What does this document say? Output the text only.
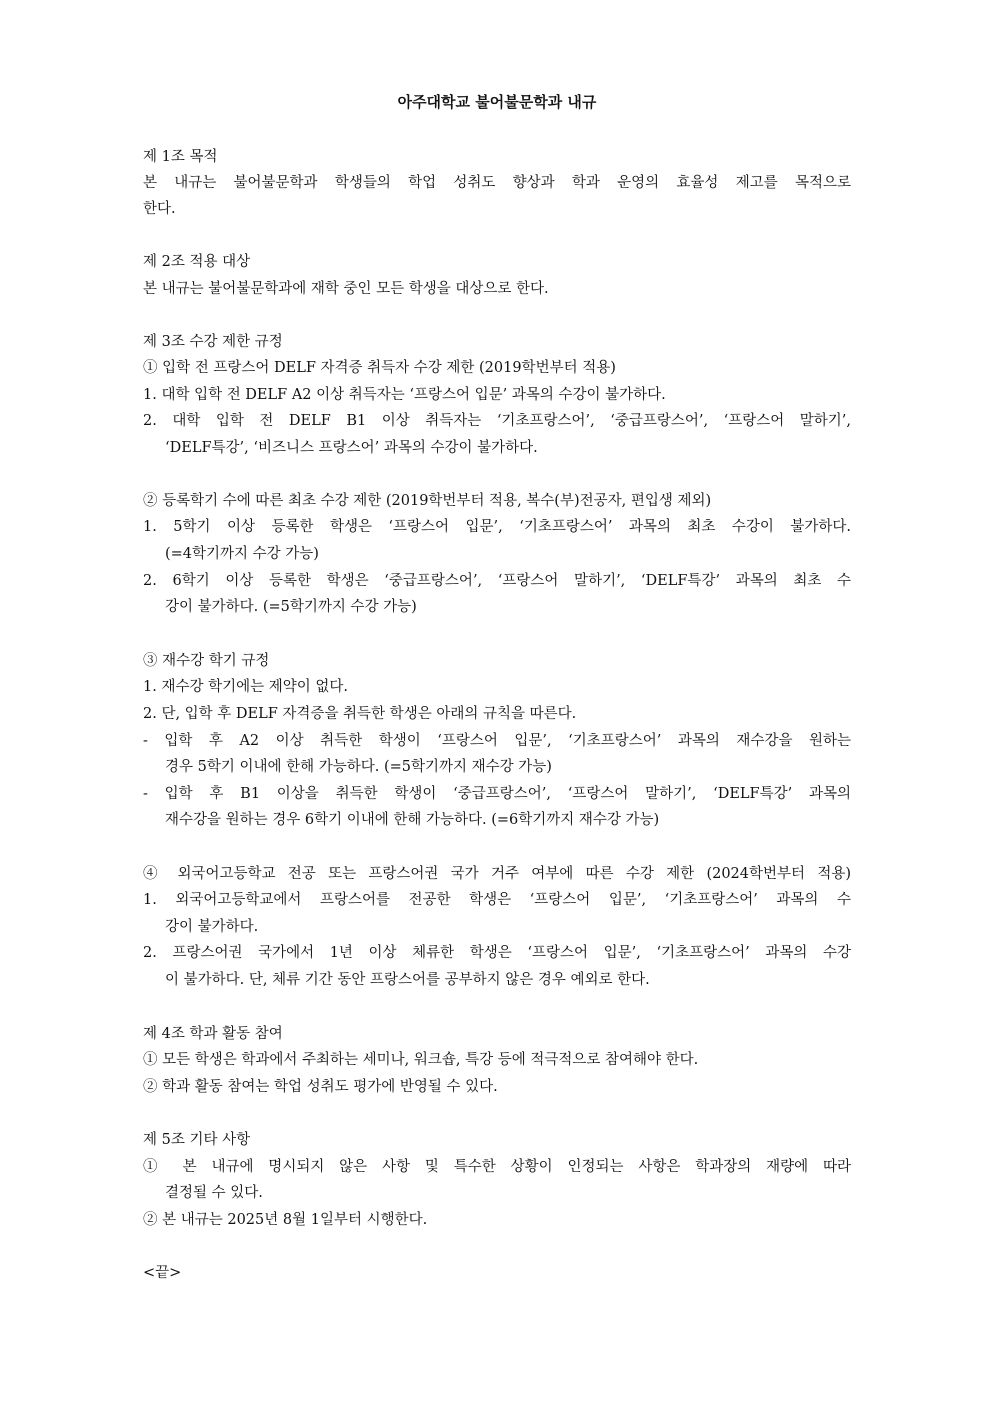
아주대학교 불어불문학과 내규
제 1조 목적
본 내규는 불어불문학과 학생들의 학업 성취도 향상과 학과 운영의 효율성 제고를 목적으로
한다.
제 2조 적용 대상
본 내규는 불어불문학과에 재학 중인 모든 학생을 대상으로 한다.
제 3조 수강 제한 규정
① 입학 전 프랑스어 DELF 자격증 취득자 수강 제한 (2019학번부터 적용)
1. 대학 입학 전 DELF A2 이상 취득자는 ‘프랑스어 입문’ 과목의 수강이 불가하다.
2. 대학 입학 전 DELF B1 이상 취득자는 ‘기초프랑스어’, ‘중급프랑스어’, ‘프랑스어 말하기’,
‘DELF특강’, ‘비즈니스 프랑스어’ 과목의 수강이 불가하다.
② 등록학기 수에 따른 최초 수강 제한 (2019학번부터 적용, 복수(부)전공자, 편입생 제외)
1. 5학기 이상 등록한 학생은 ‘프랑스어 입문’, ‘기초프랑스어’ 과목의 최초 수강이 불가하다.
(=4학기까지 수강 가능)
2. 6학기 이상 등록한 학생은 ‘중급프랑스어’, ‘프랑스어 말하기’, ‘DELF특강’ 과목의 최초 수
강이 불가하다. (=5학기까지 수강 가능)
③ 재수강 학기 규정
1. 재수강 학기에는 제약이 없다.
2. 단, 입학 후 DELF 자격증을 취득한 학생은 아래의 규칙을 따른다.
- 입학 후 A2 이상 취득한 학생이 ‘프랑스어 입문’, ‘기초프랑스어’ 과목의 재수강을 원하는
경우 5학기 이내에 한해 가능하다. (=5학기까지 재수강 가능)
- 입학 후 B1 이상을 취득한 학생이 ‘중급프랑스어’, ‘프랑스어 말하기’, ‘DELF특강’ 과목의
재수강을 원하는 경우 6학기 이내에 한해 가능하다. (=6학기까지 재수강 가능)
④ 외국어고등학교 전공 또는 프랑스어권 국가 거주 여부에 따른 수강 제한 (2024학번부터 적용)
1. 외국어고등학교에서 프랑스어를 전공한 학생은 ‘프랑스어 입문’, ‘기초프랑스어’ 과목의 수
강이 불가하다.
2. 프랑스어권 국가에서 1년 이상 체류한 학생은 ‘프랑스어 입문’, ‘기초프랑스어’ 과목의 수강
이 불가하다. 단, 체류 기간 동안 프랑스어를 공부하지 않은 경우 예외로 한다.
제 4조 학과 활동 참여
① 모든 학생은 학과에서 주최하는 세미나, 워크숍, 특강 등에 적극적으로 참여해야 한다.
② 학과 활동 참여는 학업 성취도 평가에 반영될 수 있다.
제 5조 기타 사항
① 본 내규에 명시되지 않은 사항 및 특수한 상황이 인정되는 사항은 학과장의 재량에 따라
결정될 수 있다.
② 본 내규는 2025년 8월 1일부터 시행한다.
<끝>
